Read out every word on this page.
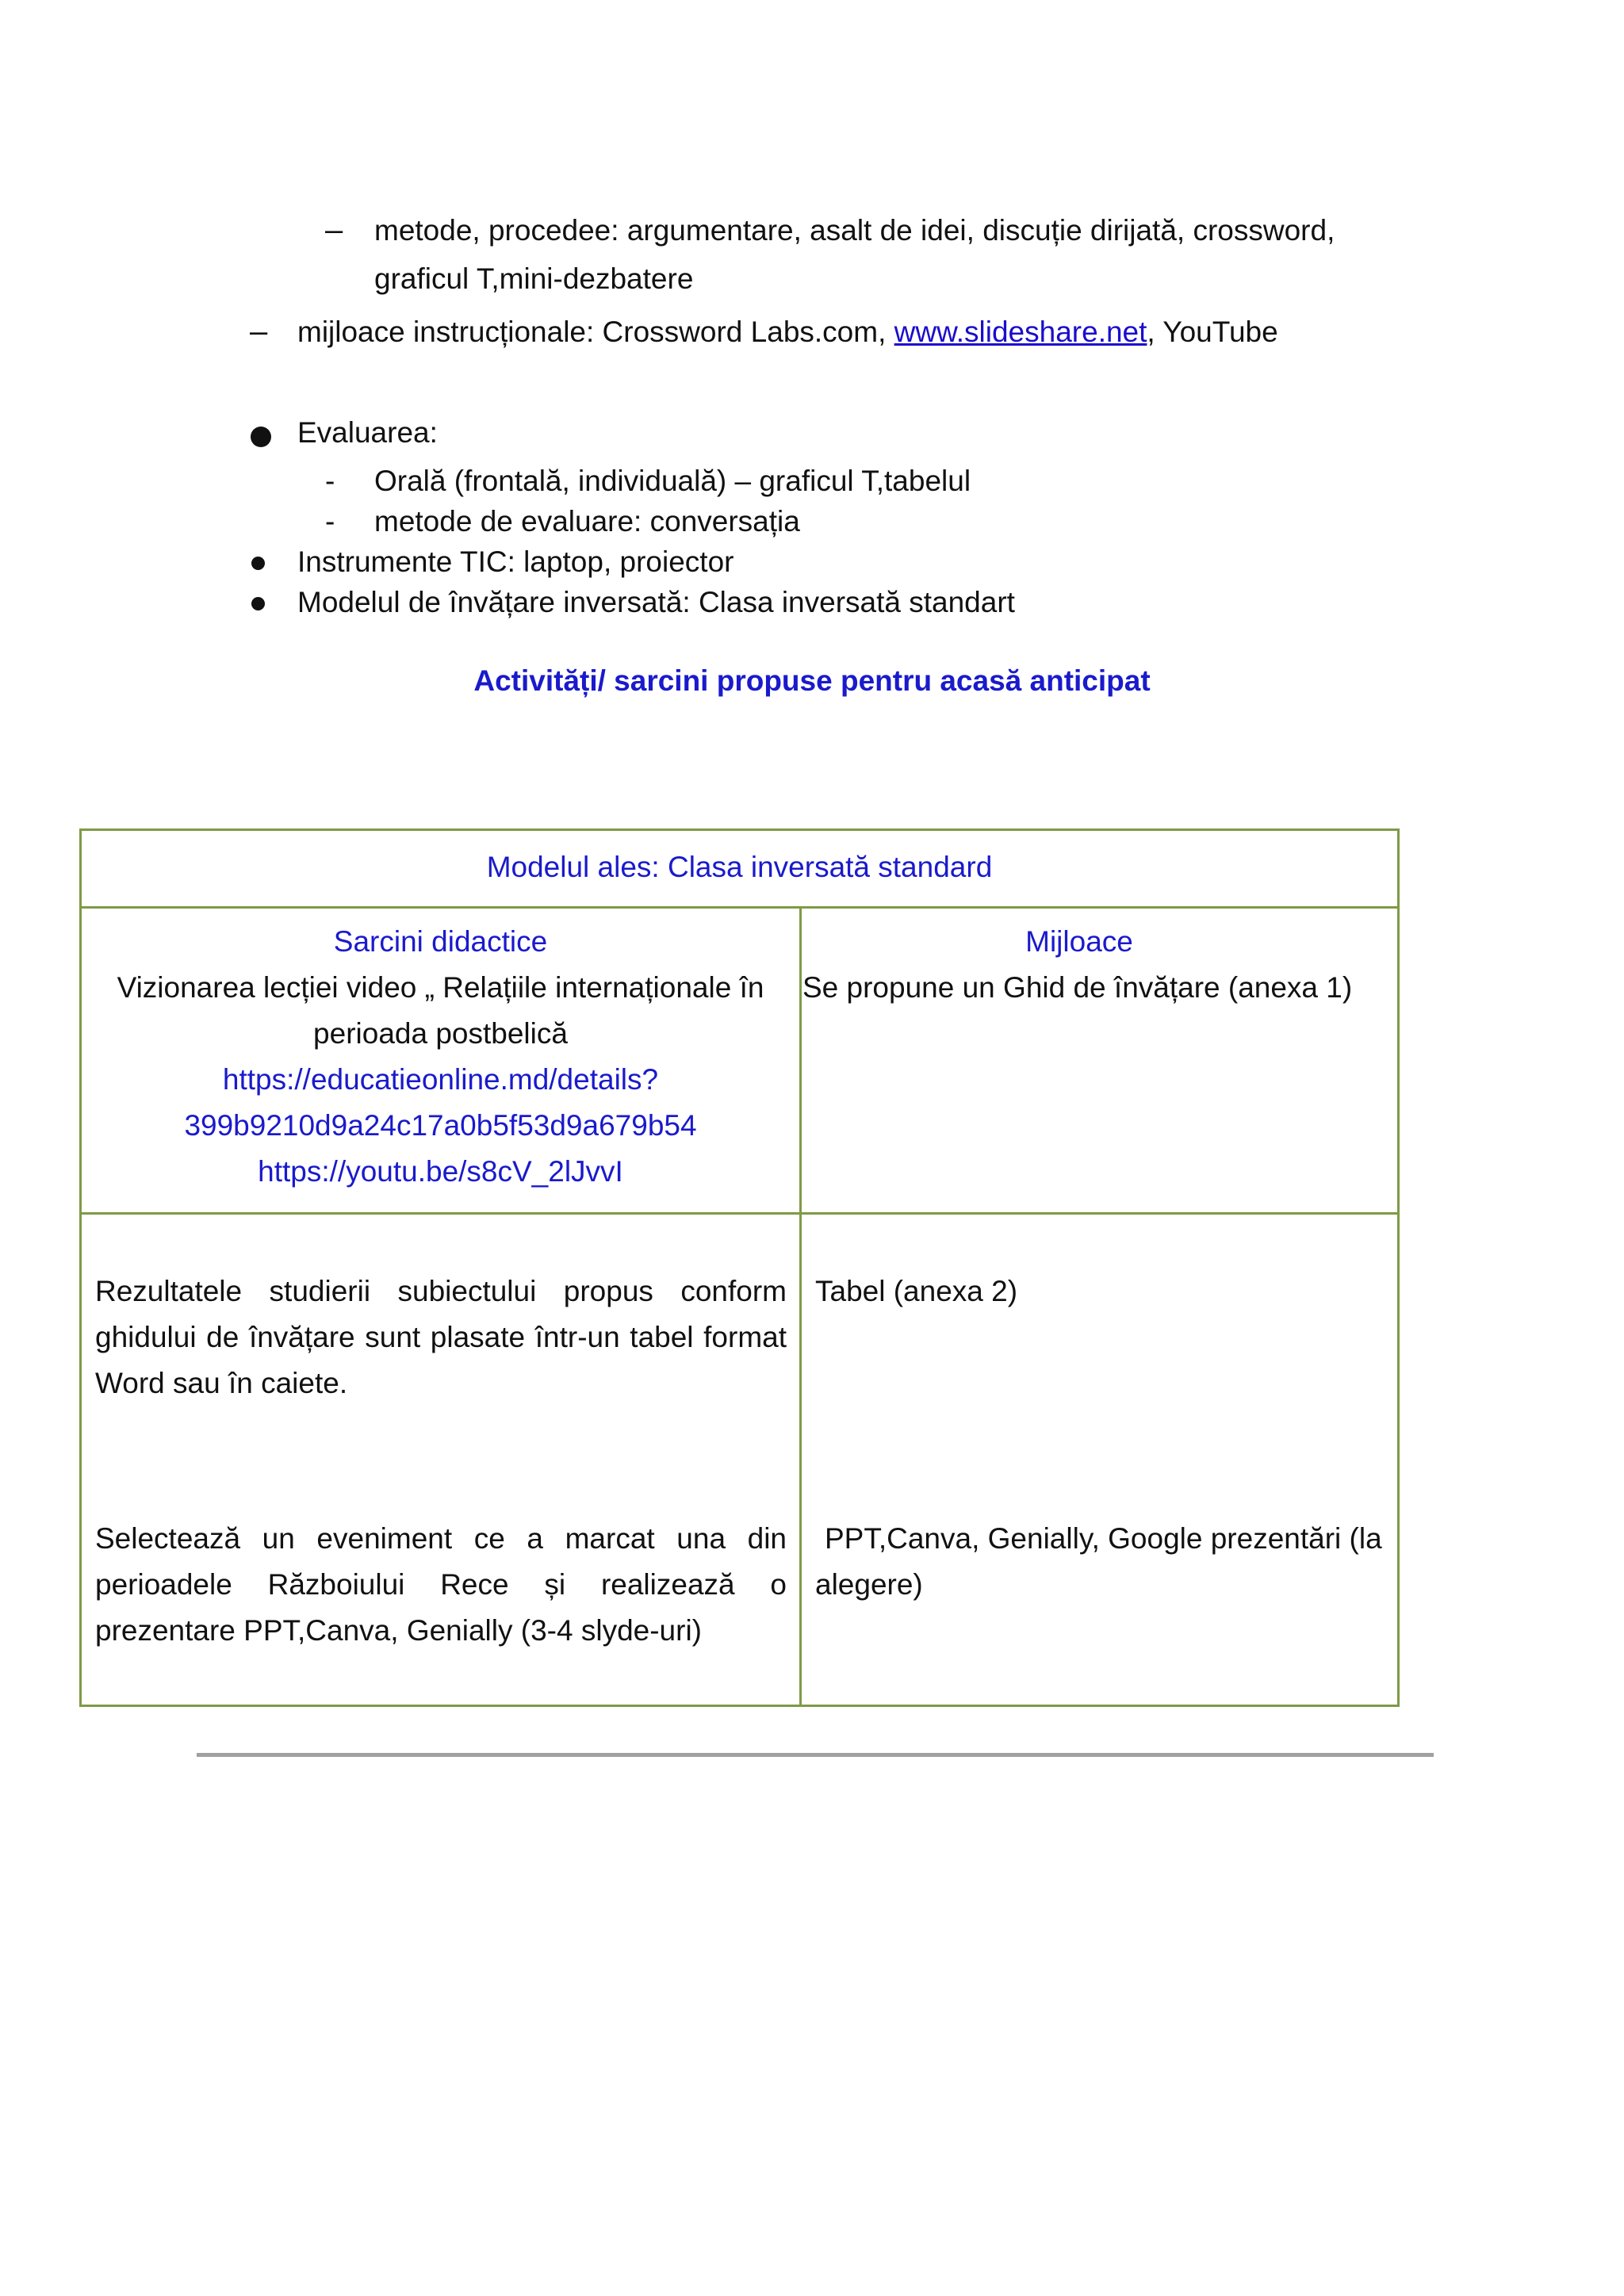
– metode, procedee: argumentare, asalt de idei, discuție dirijată, crossword,
graficul T,mini-dezbatere
– mijloace instrucționale: Crossword Labs.com, www.slideshare.net, YouTube
Evaluarea:
- Orală (frontală, individuală) – graficul T,tabelul
- metode de evaluare: conversația
Instrumente TIC: laptop, proiector
Modelul de învățare inversată: Clasa inversată standart
Activități/ sarcini propuse pentru acasă anticipat
Modelul ales: Clasa inversată standard
Sarcini didactice
Vizionarea lecției video „ Relațiile internaționale în
perioada postbelică
https://educatieonline.md/details?
399b9210d9a24c17a0b5f53d9a679b54
https://youtu.be/s8cV_2lJvvI
Mijloace
Se propune un Ghid de învățare (anexa 1)
Rezultatele studierii subiectului propus conform ghidului de învățare sunt plasate într-un tabel format Word sau în caiete.
Tabel (anexa 2)
Selectează un eveniment ce a marcat una din perioadele Războiului Rece și realizează o prezentare PPT,Canva, Genially (3-4 slyde-uri)
PPT,Canva, Genially, Google prezentări (la alegere)
